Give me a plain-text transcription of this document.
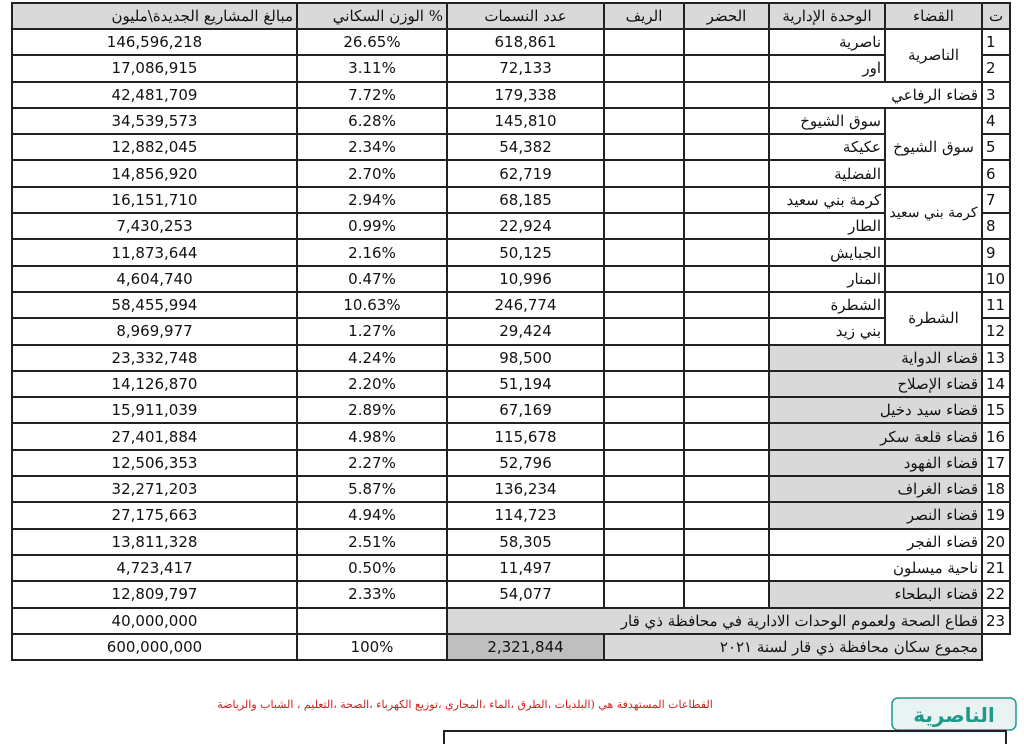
مبالغ المشاريع الجديدة\مليون	الوزن السكاني %	عدد النسمات	الريف	الحضر	الوحدة الإدارية	القضاء	ت
146,596,218	26.65%	618,861			ناصرية	الناصرية	1
17,086,915	3.11%	72,133			اور		2
42,481,709	7.72%	179,338			قضاء الرفاعي		3
34,539,573	6.28%	145,810			سوق الشيوخ	سوق الشيوخ	4
12,882,045	2.34%	54,382			عكيكة		5
14,856,920	2.70%	62,719			الفضلية		6
16,151,710	2.94%	68,185			كرمة بني سعيد	كرمة بني سعيد	7
7,430,253	0.99%	22,924			الطار		8
11,873,644	2.16%	50,125			الجبايش		9
4,604,740	0.47%	10,996			المنار		10
58,455,994	10.63%	246,774			الشطرة	الشطرة	11
8,969,977	1.27%	29,424			بني زيد		12
23,332,748	4.24%	98,500			قضاء الدواية		13
14,126,870	2.20%	51,194			قضاء الإصلاح		14
15,911,039	2.89%	67,169			قضاء سيد دخيل		15
27,401,884	4.98%	115,678			قضاء قلعة سكر		16
12,506,353	2.27%	52,796			قضاء الفهود		17
32,271,203	5.87%	136,234			قضاء الغراف		18
27,175,663	4.94%	114,723			قضاء النصر		19
13,811,328	2.51%	58,305			قضاء الفجر		20
4,723,417	0.50%	11,497			ناحية ميسلون		21
12,809,797	2.33%	54,077			قضاء البطحاء		22
40,000,000		قطاع الصحة ولعموم الوحدات الادارية في محافظة ذي قار					23
600,000,000	100%	2,321,844	مجموع سكان محافظة ذي قار لسنة ٢٠٢١				
القطاعات المستهدفة هي (البلديات ،الطرق ،الماء ،المجاري ،توزيع الكهرباء ،الصحة ،التعليم ، الشباب والرياضة	الناصرية
